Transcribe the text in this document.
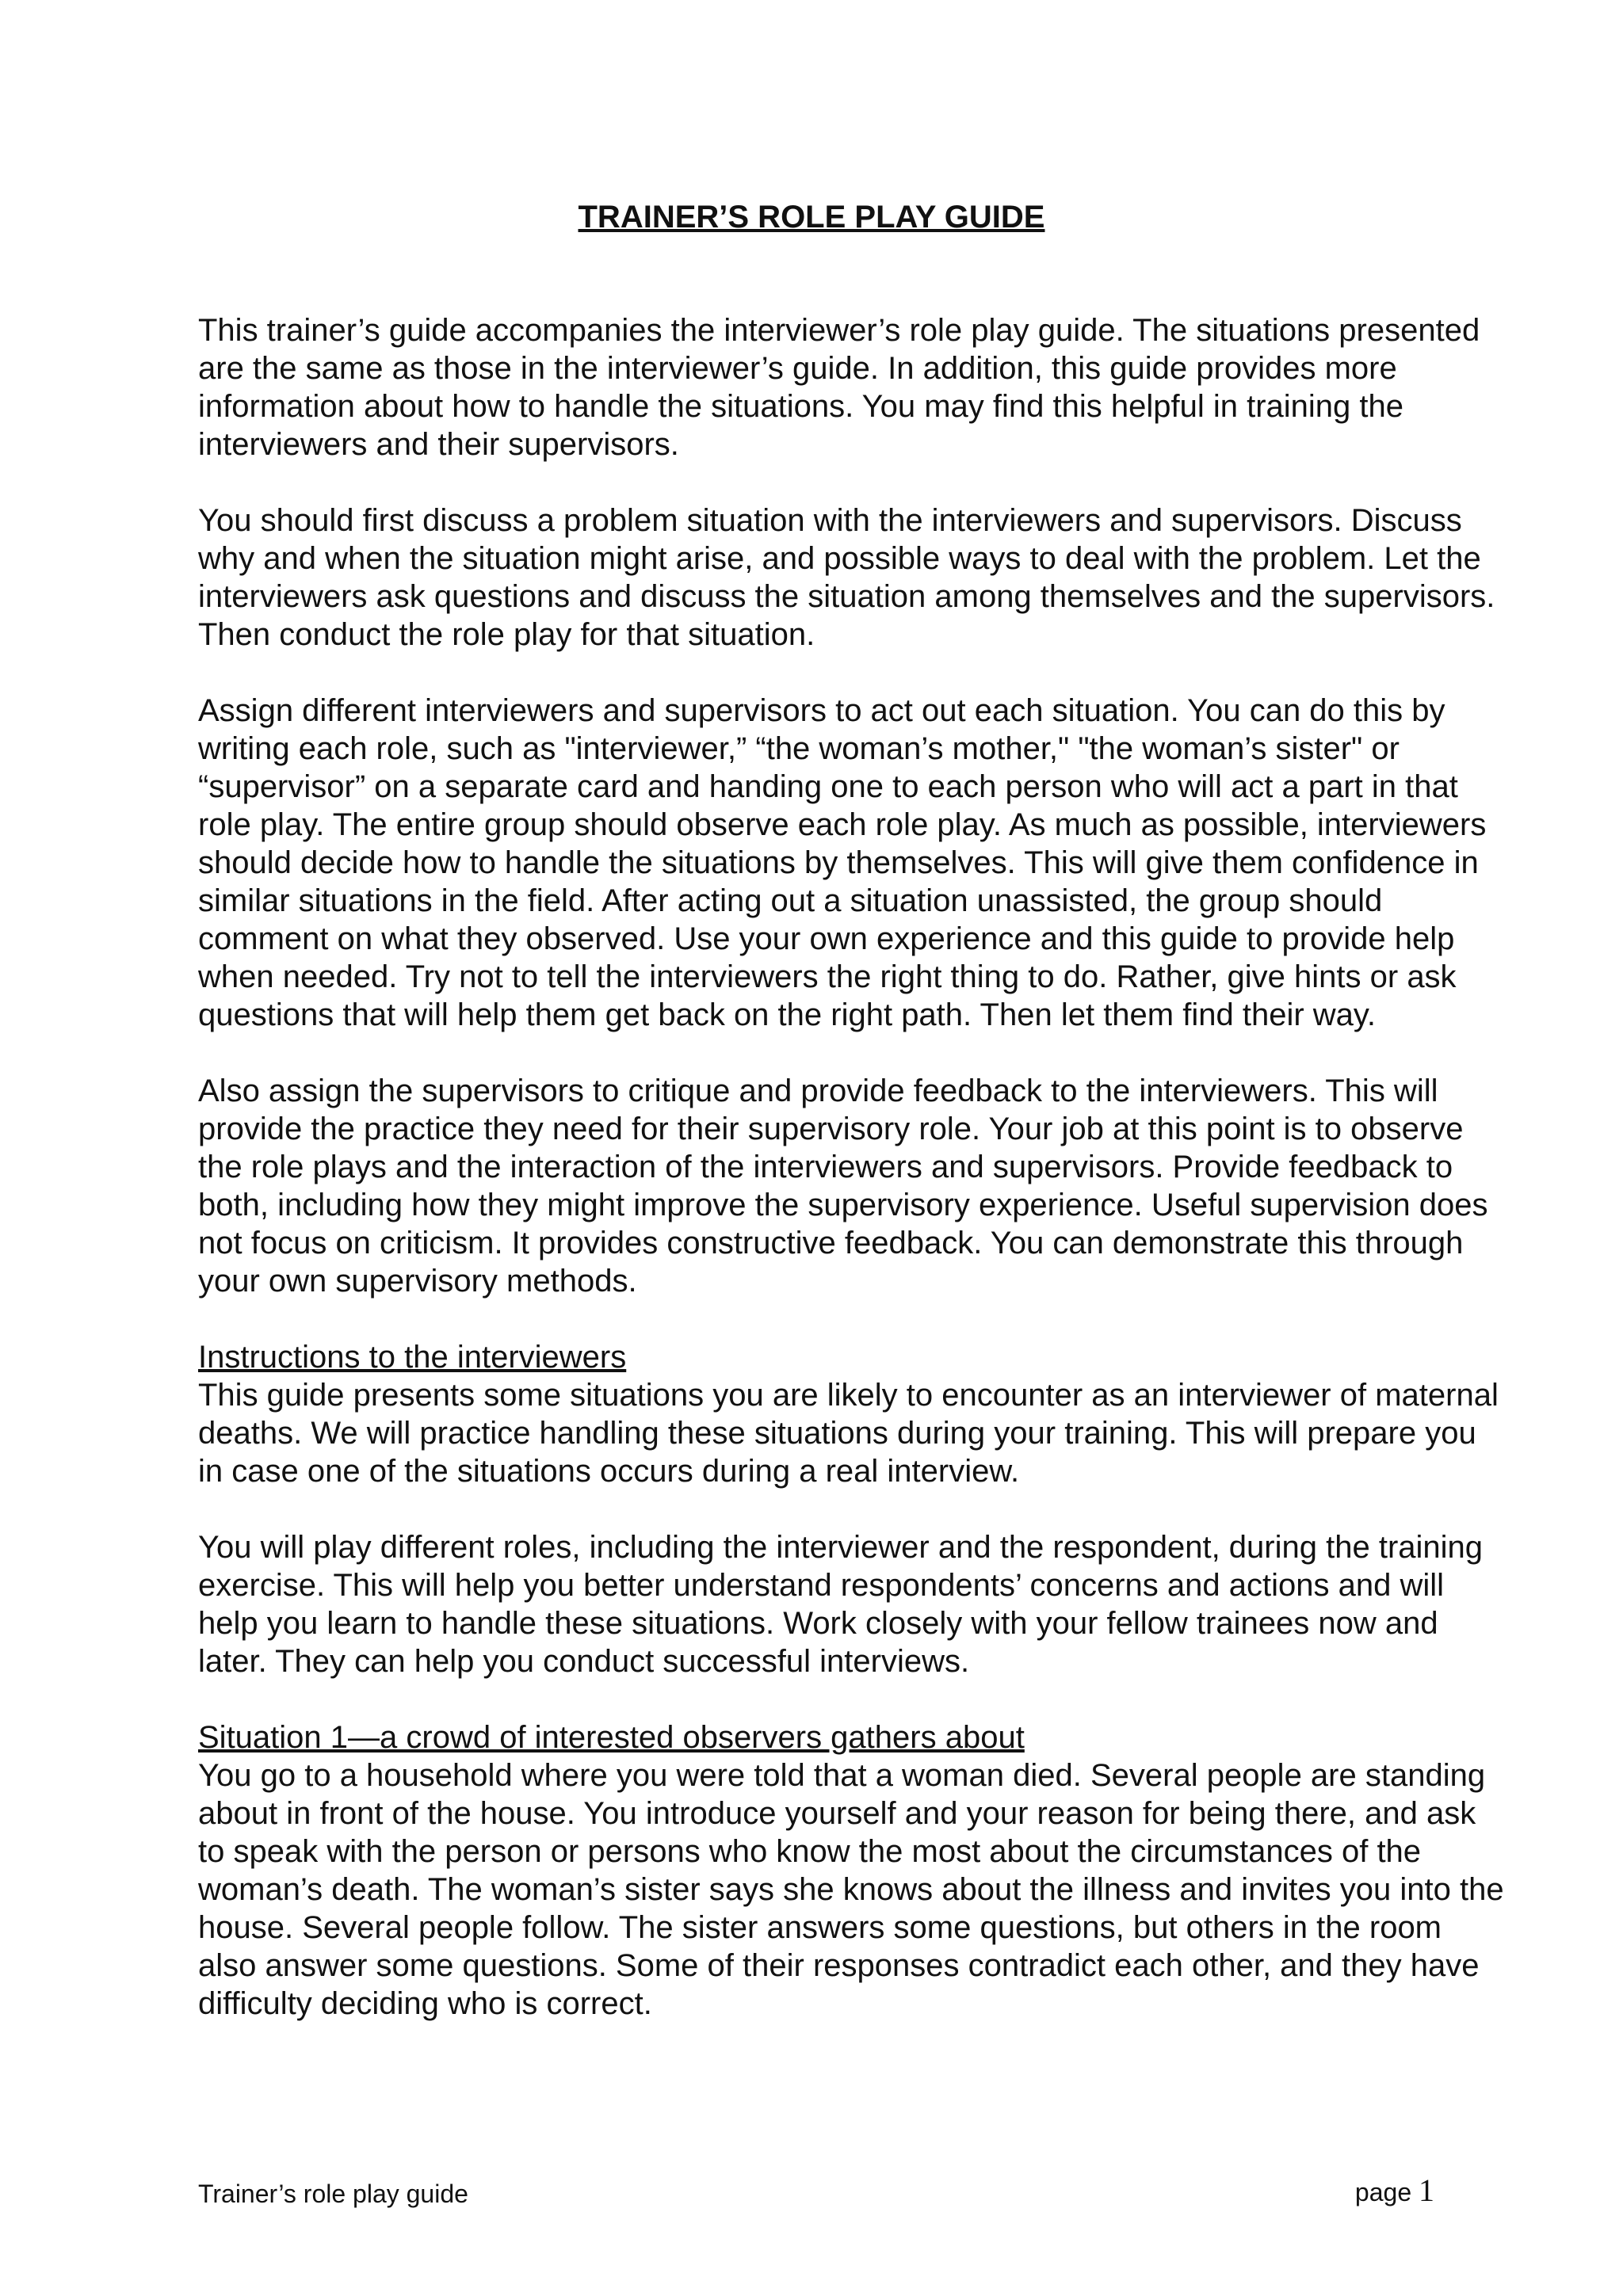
TRAINER’S ROLE PLAY GUIDE

This trainer’s guide accompanies the interviewer’s role play guide. The situations presented are the same as those in the interviewer’s guide. In addition, this guide provides more information about how to handle the situations. You may find this helpful in training the interviewers and their supervisors.

You should first discuss a problem situation with the interviewers and supervisors. Discuss why and when the situation might arise, and possible ways to deal with the problem. Let the interviewers ask questions and discuss the situation among themselves and the supervisors. Then conduct the role play for that situation.

Assign different interviewers and supervisors to act out each situation. You can do this by writing each role, such as "interviewer,” “the woman’s mother," "the woman’s sister" or “supervisor” on a separate card and handing one to each person who will act a part in that role play. The entire group should observe each role play. As much as possible, interviewers should decide how to handle the situations by themselves. This will give them confidence in similar situations in the field. After acting out a situation unassisted, the group should comment on what they observed. Use your own experience and this guide to provide help when needed. Try not to tell the interviewers the right thing to do. Rather, give hints or ask questions that will help them get back on the right path. Then let them find their way.

Also assign the supervisors to critique and provide feedback to the interviewers. This will provide the practice they need for their supervisory role. Your job at this point is to observe the role plays and the interaction of the interviewers and supervisors. Provide feedback to both, including how they might improve the supervisory experience. Useful supervision does not focus on criticism. It provides constructive feedback. You can demonstrate this through your own supervisory methods.

Instructions to the interviewers
This guide presents some situations you are likely to encounter as an interviewer of maternal deaths. We will practice handling these situations during your training. This will prepare you in case one of the situations occurs during a real interview.

You will play different roles, including the interviewer and the respondent, during the training exercise. This will help you better understand respondents’ concerns and actions and will help you learn to handle these situations. Work closely with your fellow trainees now and later. They can help you conduct successful interviews.

Situation 1—a crowd of interested observers gathers about
You go to a household where you were told that a woman died. Several people are standing about in front of the house. You introduce yourself and your reason for being there, and ask to speak with the person or persons who know the most about the circumstances of the woman’s death. The woman’s sister says she knows about the illness and invites you into the house. Several people follow. The sister answers some questions, but others in the room also answer some questions. Some of their responses contradict each other, and they have difficulty deciding who is correct.

Trainer’s role play guide	page 1
